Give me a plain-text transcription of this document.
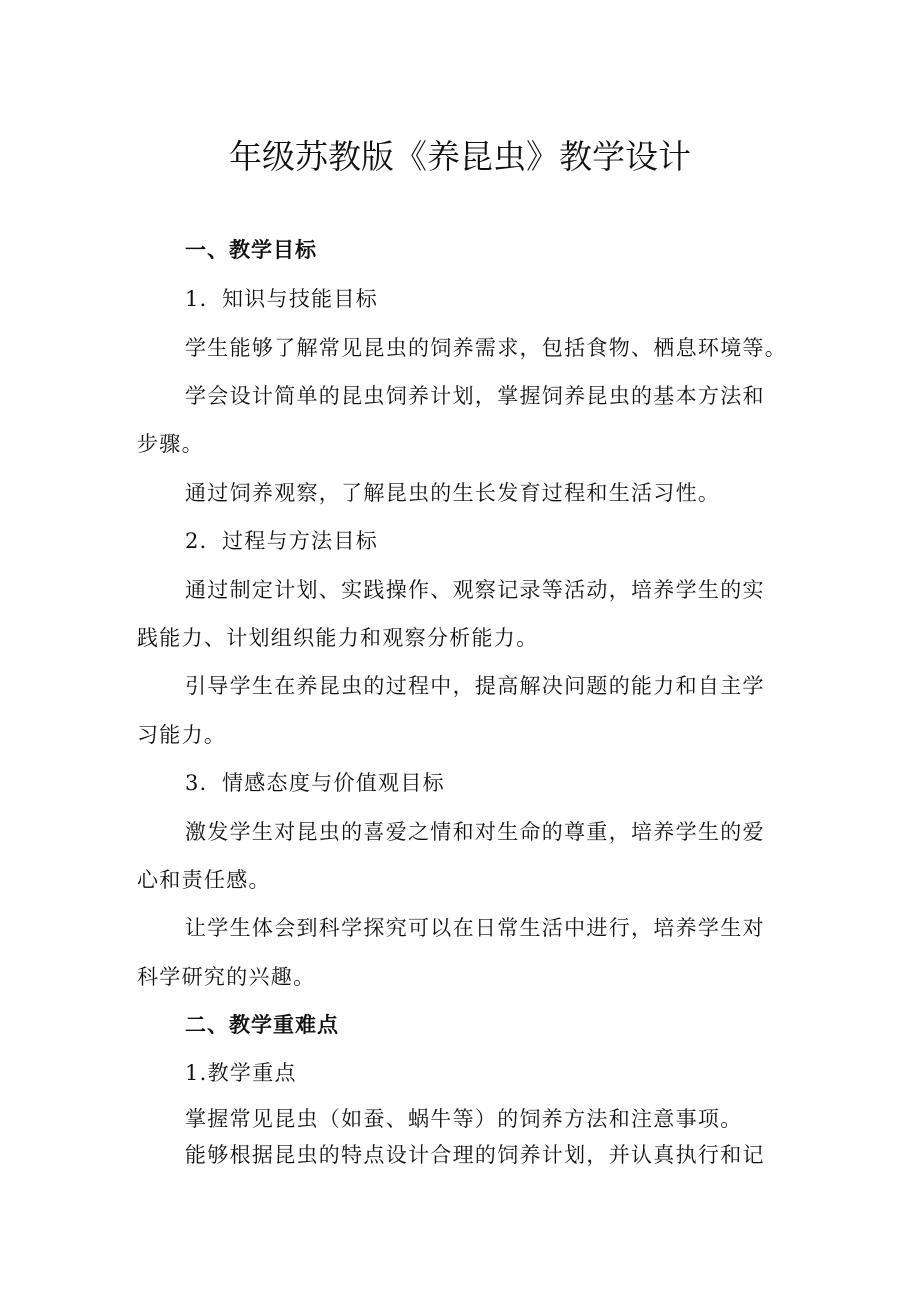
年级苏教版《养昆虫》教学设计

一、教学目标

1．知识与技能目标

学生能够了解常见昆虫的饲养需求，包括食物、栖息环境等。

学会设计简单的昆虫饲养计划，掌握饲养昆虫的基本方法和

步骤。

通过饲养观察，了解昆虫的生长发育过程和生活习性。

2．过程与方法目标

通过制定计划、实践操作、观察记录等活动，培养学生的实

践能力、计划组织能力和观察分析能力。

引导学生在养昆虫的过程中，提高解决问题的能力和自主学

习能力。

3．情感态度与价值观目标

激发学生对昆虫的喜爱之情和对生命的尊重，培养学生的爱

心和责任感。

让学生体会到科学探究可以在日常生活中进行，培养学生对

科学研究的兴趣。

二、教学重难点

1.教学重点

掌握常见昆虫（如蚕、蜗牛等）的饲养方法和注意事项。

能够根据昆虫的特点设计合理的饲养计划，并认真执行和记
